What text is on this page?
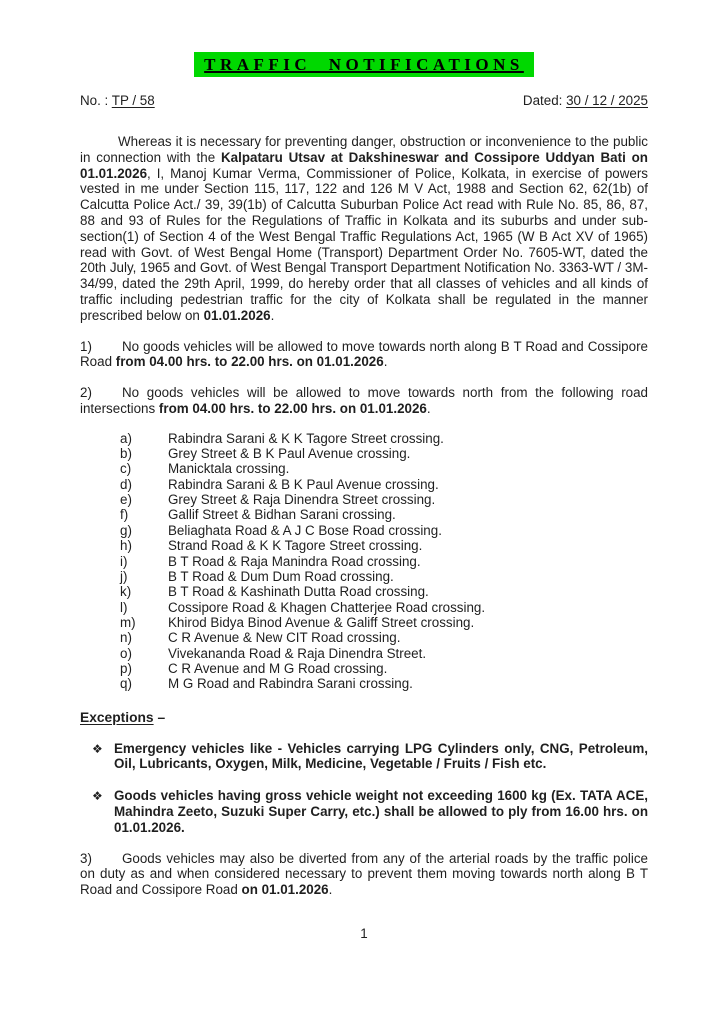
TRAFFIC  NOTIFICATIONS
No. : TP / 58	Dated: 30 / 12 / 2025

Whereas it is necessary for preventing danger, obstruction or inconvenience to the public in connection with the Kalpataru Utsav at Dakshineswar and Cossipore Uddyan Bati on 01.01.2026, I, Manoj Kumar Verma, Commissioner of Police, Kolkata, in exercise of powers vested in me under Section 115, 117, 122 and 126 M V Act, 1988 and Section 62, 62(1b) of Calcutta Police Act./ 39, 39(1b) of Calcutta Suburban Police Act read with Rule No. 85, 86, 87, 88 and 93 of Rules for the Regulations of Traffic in Kolkata and its suburbs and under sub-section(1) of Section 4 of the West Bengal Traffic Regulations Act, 1965 (W B Act XV of 1965) read with Govt. of West Bengal Home (Transport) Department Order No. 7605-WT, dated the 20th July, 1965 and Govt. of West Bengal Transport Department Notification No. 3363-WT / 3M- 34/99, dated the 29th April, 1999, do hereby order that all classes of vehicles and all kinds of traffic including pedestrian traffic for the city of Kolkata shall be regulated in the manner prescribed below on 01.01.2026.

1) No goods vehicles will be allowed to move towards north along B T Road and Cossipore Road from 04.00 hrs. to 22.00 hrs. on 01.01.2026.

2) No goods vehicles will be allowed to move towards north from the following road intersections from 04.00 hrs. to 22.00 hrs. on 01.01.2026.

a)	Rabindra Sarani & K K Tagore Street crossing.
b)	Grey Street & B K Paul Avenue crossing.
c)	Manicktala crossing.
d)	Rabindra Sarani & B K Paul Avenue crossing.
e)	Grey Street & Raja Dinendra Street crossing.
f)	Gallif Street & Bidhan Sarani crossing.
g)	Beliaghata Road & A J C Bose Road crossing.
h)	Strand Road & K K Tagore Street crossing.
i)	B T Road & Raja Manindra Road crossing.
j)	B T Road & Dum Dum Road crossing.
k)	B T Road & Kashinath Dutta Road crossing.
l)	Cossipore Road & Khagen Chatterjee Road crossing.
m)	Khirod Bidya Binod Avenue & Galiff Street crossing.
n)	C R Avenue & New CIT Road crossing.
o)	Vivekananda Road & Raja Dinendra Street.
p)	C R Avenue and M G Road crossing.
q)	M G Road and Rabindra Sarani crossing.
Exceptions –
❖ Emergency vehicles like - Vehicles carrying LPG Cylinders only, CNG, Petroleum, Oil, Lubricants, Oxygen, Milk, Medicine, Vegetable / Fruits / Fish etc.
❖ Goods vehicles having gross vehicle weight not exceeding 1600 kg (Ex. TATA ACE, Mahindra Zeeto, Suzuki Super Carry, etc.) shall be allowed to ply from 16.00 hrs. on 01.01.2026.

3) Goods vehicles may also be diverted from any of the arterial roads by the traffic police on duty as and when considered necessary to prevent them moving towards north along B T Road and Cossipore Road on 01.01.2026.

1
